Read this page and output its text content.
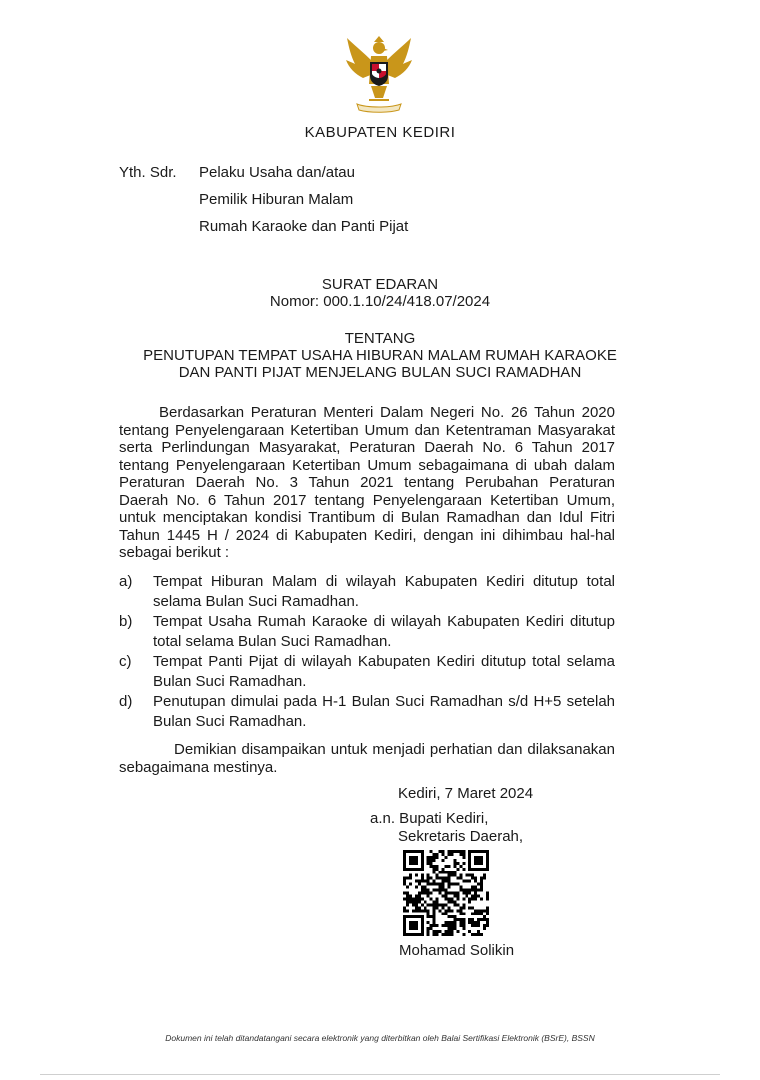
KABUPATEN KEDIRI
Yth. Sdr.	Pelaku Usaha dan/atau
Pemilik Hiburan Malam
Rumah Karaoke dan Panti Pijat
SURAT EDARAN
Nomor: 000.1.10/24/418.07/2024
TENTANG
PENUTUPAN TEMPAT USAHA HIBURAN MALAM RUMAH KARAOKE
DAN PANTI PIJAT MENJELANG BULAN SUCI RAMADHAN

Berdasarkan Peraturan Menteri Dalam Negeri No. 26 Tahun 2020 tentang Penyelengaraan Ketertiban Umum dan Ketentraman Masyarakat serta Perlindungan Masyarakat, Peraturan Daerah No. 6 Tahun 2017 tentang Penyelengaraan Ketertiban Umum sebagaimana di ubah dalam Peraturan Daerah No. 3 Tahun 2021 tentang Perubahan Peraturan Daerah No. 6 Tahun 2017 tentang Penyelengaraan Ketertiban Umum, untuk menciptakan kondisi Trantibum di Bulan Ramadhan dan Idul Fitri Tahun 1445 H / 2024 di Kabupaten Kediri, dengan ini dihimbau hal-hal sebagai berikut :

a)	Tempat Hiburan Malam di wilayah Kabupaten Kediri ditutup total selama Bulan Suci Ramadhan.
b)	Tempat Usaha Rumah Karaoke di wilayah Kabupaten Kediri ditutup total selama Bulan Suci Ramadhan.
c)	Tempat Panti Pijat di wilayah Kabupaten Kediri ditutup total selama Bulan Suci Ramadhan.
d)	Penutupan dimulai pada H-1 Bulan Suci Ramadhan s/d H+5 setelah Bulan Suci Ramadhan.

Demikian disampaikan untuk menjadi perhatian dan dilaksanakan sebagaimana mestinya.

Kediri, 7 Maret 2024
a.n. Bupati Kediri,
Sekretaris Daerah,
Mohamad Solikin
Dokumen ini telah ditandatangani secara elektronik yang diterbitkan oleh Balai Sertifikasi Elektronik (BSrE), BSSN
